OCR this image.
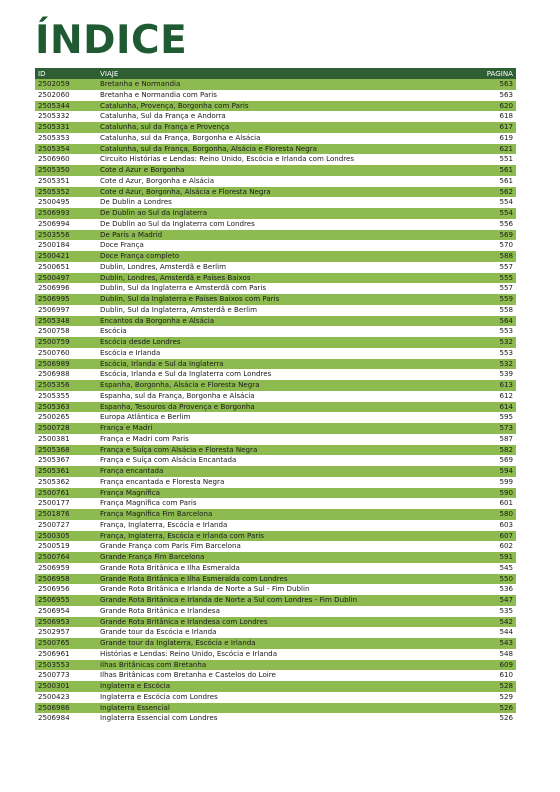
ÍNDICE
ID	VIAJE	PAGINA
2502059	Bretanha e Normandia	563
2502060	Bretanha e Normandia com Paris	563
2505344	Catalunha, Provença, Borgonha com Paris	620
2505332	Catalunha, Sul da França e Andorra	618
2505331	Catalunha, sul da França e Provença	617
2505353	Catalunha, sul da França, Borgonha e Alsácia	619
2505354	Catalunha, sul da França, Borgonha, Alsácia e Floresta Negra	621
2506960	Circuito Histórias e Lendas: Reino Unido, Escócia e Irlanda com Londres	551
2505350	Cote d Azur e Borgonha	561
2505351	Cote d Azur, Borgonha e Alsácia	561
2505352	Cote d Azur, Borgonha, Alsácia e Floresta Negra	562
2500495	De Dublin a Londres	554
2506993	De Dublin ao Sul da Inglaterra	554
2506994	De Dublin ao Sul da Inglaterra com Londres	556
2503556	De Paris a Madrid	569
2500184	Doce França	570
2500421	Doce França completo	588
2500651	Dublin, Londres, Amsterdã e Berlim	557
2500497	Dublin, Londres, Amsterdã e Países Baixos	555
2506996	Dublin, Sul da Inglaterra e Amsterdã com Paris	557
2506995	Dublin, Sul da Inglaterra e Países Baixos com Paris	559
2506997	Dublin, Sul da Inglaterra, Amsterdã e Berlim	558
2505348	Encantos da Borgonha e Alsácia	564
2500758	Escócia	553
2500759	Escócia desde Londres	532
2500760	Escócia e Irlanda	553
2506989	Escócia, Irlanda e Sul da Inglaterra	532
2506988	Escócia, Irlanda e Sul da Inglaterra com Londres	539
2505356	Espanha, Borgonha, Alsácia e Floresta Negra	613
2505355	Espanha, sul da França, Borgonha e Alsácia	612
2505363	Espanha, Tesouros da Provença e Borgonha	614
2500265	Europa Atlântica e Berlim	595
2500728	França e Madri	573
2500381	França e Madri com Paris	587
2505368	França e Suíça com Alsácia e Floresta Negra	582
2505367	França e Suíça com Alsácia Encantada	569
2505361	França encantada	594
2505362	França encantada e Floresta Negra	599
2500761	França Magnífica	590
2500177	França Magnífica com Paris	601
2501876	França Magnífica Fim Barcelona	580
2500727	França, Inglaterra, Escócia e Irlanda	603
2500305	França, Inglaterra, Escócia e Irlanda com Paris	607
2500519	Grande França com Paris Fim Barcelona	602
2500764	Grande França Fim Barcelona	591
2506959	Grande Rota Britânica e Ilha Esmeralda	545
2506958	Grande Rota Britânica e Ilha Esmeralda com Londres	550
2506956	Grande Rota Britânica e Irlanda de Norte a Sul - Fim Dublin	536
2506955	Grande Rota Britânica e Irlanda de Norte a Sul com Londres - Fim Dublin	547
2506954	Grande Rota Britânica e Irlandesa	535
2506953	Grande Rota Britânica e Irlandesa com Londres	542
2502957	Grande tour da Escócia e Irlanda	544
2500765	Grande tour da Inglaterra, Escócia e Irlanda	543
2506961	Histórias e Lendas: Reino Unido, Escócia e Irlanda	548
2503553	Ilhas Britânicas com Bretanha	609
2500773	Ilhas Britânicas com Bretanha e Castelos do Loire	610
2500301	Inglaterra e Escócia	528
2500423	Inglaterra e Escócia com Londres	529
2506986	Inglaterra Essencial	526
2506984	Inglaterra Essencial com Londres	526
